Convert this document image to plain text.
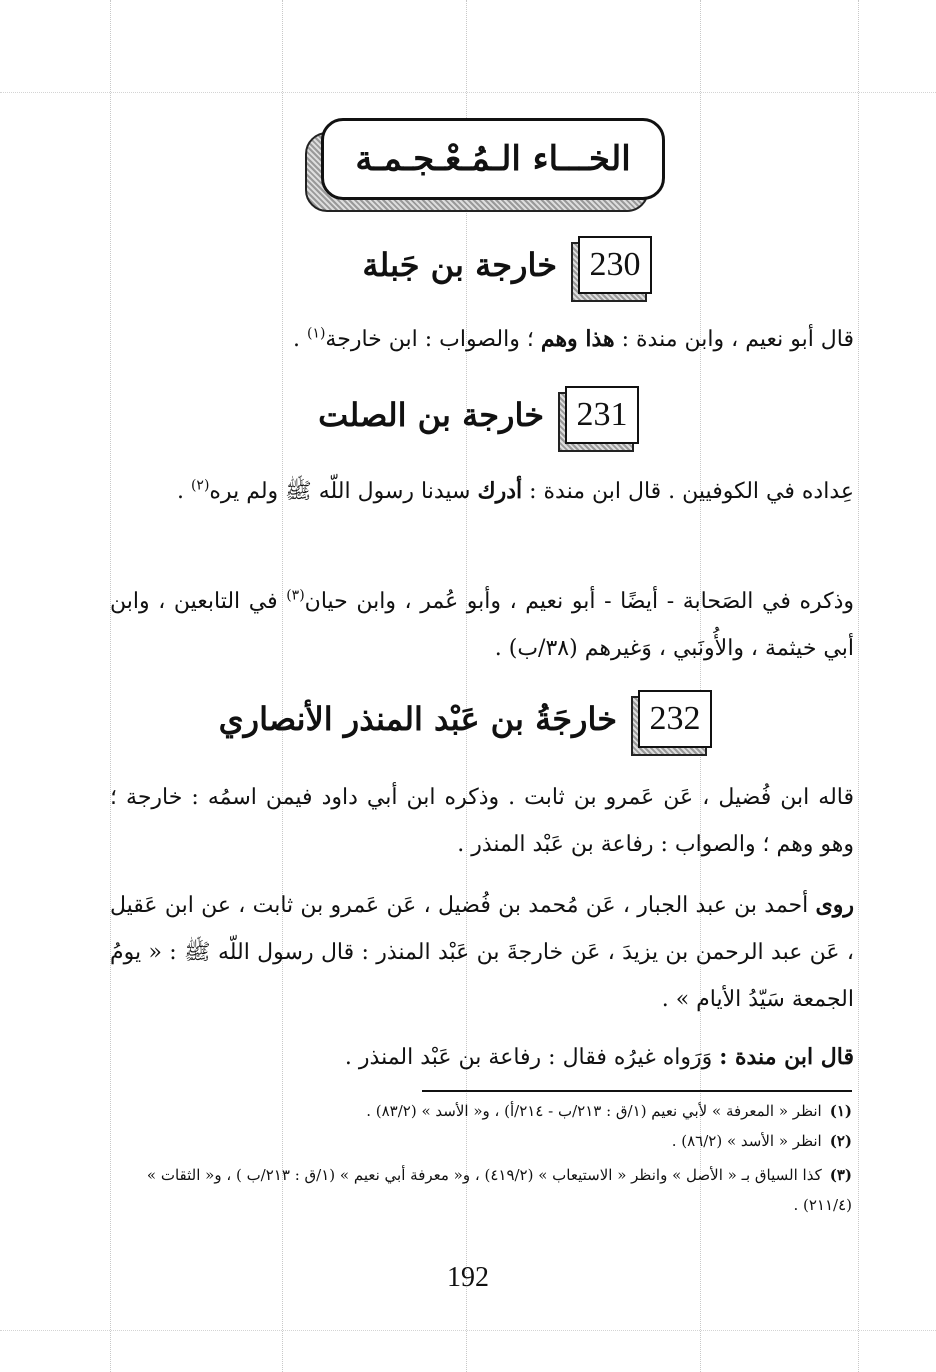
الخـــاء الـمُـعْـجـمـة
230
خارجة بن جَبلة
قال أبو نعيم ، وابن مندة : هذا وهم ؛ والصواب : ابن خارجة$^{(١)}$ .
231
خارجة بن الصلت
عِداده في الكوفيين . قال ابن مندة : أدرك سيدنا رسول اللّه ﷺ ولم يره$^{(٢)}$ .
وذكره في الصَحابة - أيضًا - أبو نعيم ، وأبو عُمر ، وابن حيان$^{(٣)}$ في التابعين ، وابن أبي خيثمة ، والأُونَبي ، وَغيرهم (٣٨/ب) .
232
خارجَةُ بن عَبْد المنذر الأنصاري
قاله ابن فُضيل ، عَن عَمرو بن ثابت . وذكره ابن أبي داود فيمن اسمُه : خارجة ؛ وهو وهم ؛ والصواب : رفاعة بن عَبْد المنذر .
روى أحمد بن عبد الجبار ، عَن مُحمد بن فُضيل ، عَن عَمرو بن ثابت ، عن ابن عَقيل ، عَن عبد الرحمن بن يزيدَ ، عَن خارجةَ بن عَبْد المنذر : قال رسول اللّه ﷺ : « يومُ الجمعة سَيّدُ الأيام » .
قال ابن مندة : وَرَواه غيرُه فقال : رفاعة بن عَبْد المنذر .
(١)انظر « المعرفة » لأبي نعيم (١/ق : ٢١٣/ب - ٢١٤/أ) ، و« الأسد » (٨٣/٢) .
(٢)انظر « الأسد » (٨٦/٢) .
(٣)كذا السياق بـ « الأصل » وانظر « الاستيعاب » (٤١٩/٢) ، و« معرفة أبي نعيم » (١/ق : ٢١٣/ب ) ، و« الثقات » (٢١١/٤) .
192
